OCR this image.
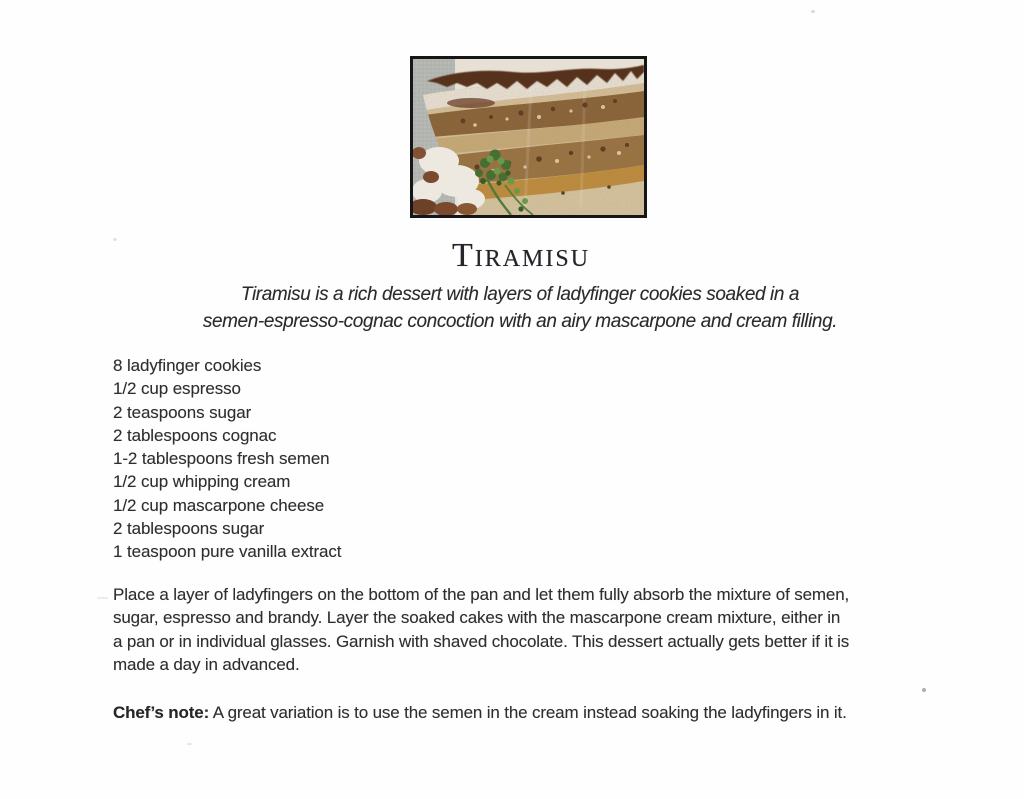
Tiramisu
Tiramisu is a rich dessert with layers of ladyfinger cookies soaked in a
semen-espresso-cognac concoction with an airy mascarpone and cream filling.
8 ladyfinger cookies
1/2 cup espresso
2 teaspoons sugar
2 tablespoons cognac
1-2 tablespoons fresh semen
1/2 cup whipping cream
1/2 cup mascarpone cheese
2 tablespoons sugar
1 teaspoon pure vanilla extract
Place a layer of ladyfingers on the bottom of the pan and let them fully absorb the mixture of semen,
sugar, espresso and brandy. Layer the soaked cakes with the mascarpone cream mixture, either in
a pan or in individual glasses. Garnish with shaved chocolate. This dessert actually gets better if it is
made a day in advanced.
Chef’s note: A great variation is to use the semen in the cream instead soaking the ladyfingers in it.
